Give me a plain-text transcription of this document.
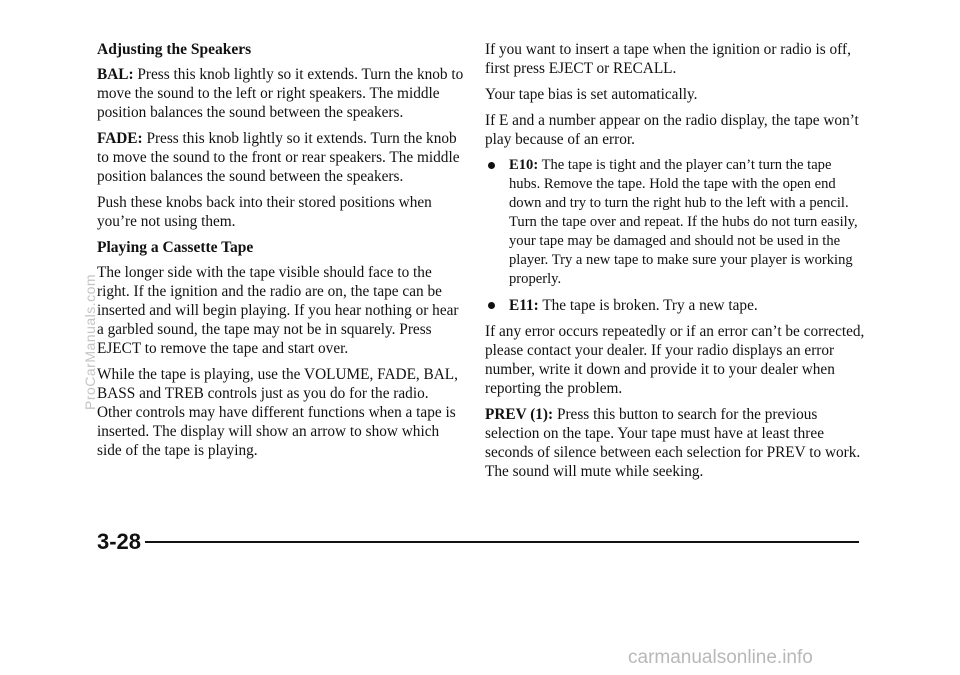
Adjusting the Speakers

BAL: Press this knob lightly so it extends. Turn the knob to move the sound to the left or right speakers. The middle position balances the sound between the speakers.

FADE: Press this knob lightly so it extends. Turn the knob to move the sound to the front or rear speakers. The middle position balances the sound between the speakers.

Push these knobs back into their stored positions when you’re not using them.

Playing a Cassette Tape

The longer side with the tape visible should face to the right. If the ignition and the radio are on, the tape can be inserted and will begin playing. If you hear nothing or hear a garbled sound, the tape may not be in squarely. Press EJECT to remove the tape and start over.

While the tape is playing, use the VOLUME, FADE, BAL, BASS and TREB controls just as you do for the radio. Other controls may have different functions when a tape is inserted. The display will show an arrow to show which side of the tape is playing.

If you want to insert a tape when the ignition or radio is off, first press EJECT or RECALL.

Your tape bias is set automatically.

If E and a number appear on the radio display, the tape won’t play because of an error.

E10: The tape is tight and the player can’t turn the tape hubs. Remove the tape. Hold the tape with the open end down and try to turn the right hub to the left with a pencil. Turn the tape over and repeat. If the hubs do not turn easily, your tape may be damaged and should not be used in the player. Try a new tape to make sure your player is working properly.
E11: The tape is broken. Try a new tape.

If any error occurs repeatedly or if an error can’t be corrected, please contact your dealer. If your radio displays an error number, write it down and provide it to your dealer when reporting the problem.

PREV (1): Press this button to search for the previous selection on the tape. Your tape must have at least three seconds of silence between each selection for PREV to work. The sound will mute while seeking.

3-28
ProCarManuals.com
carmanualsonline.info
